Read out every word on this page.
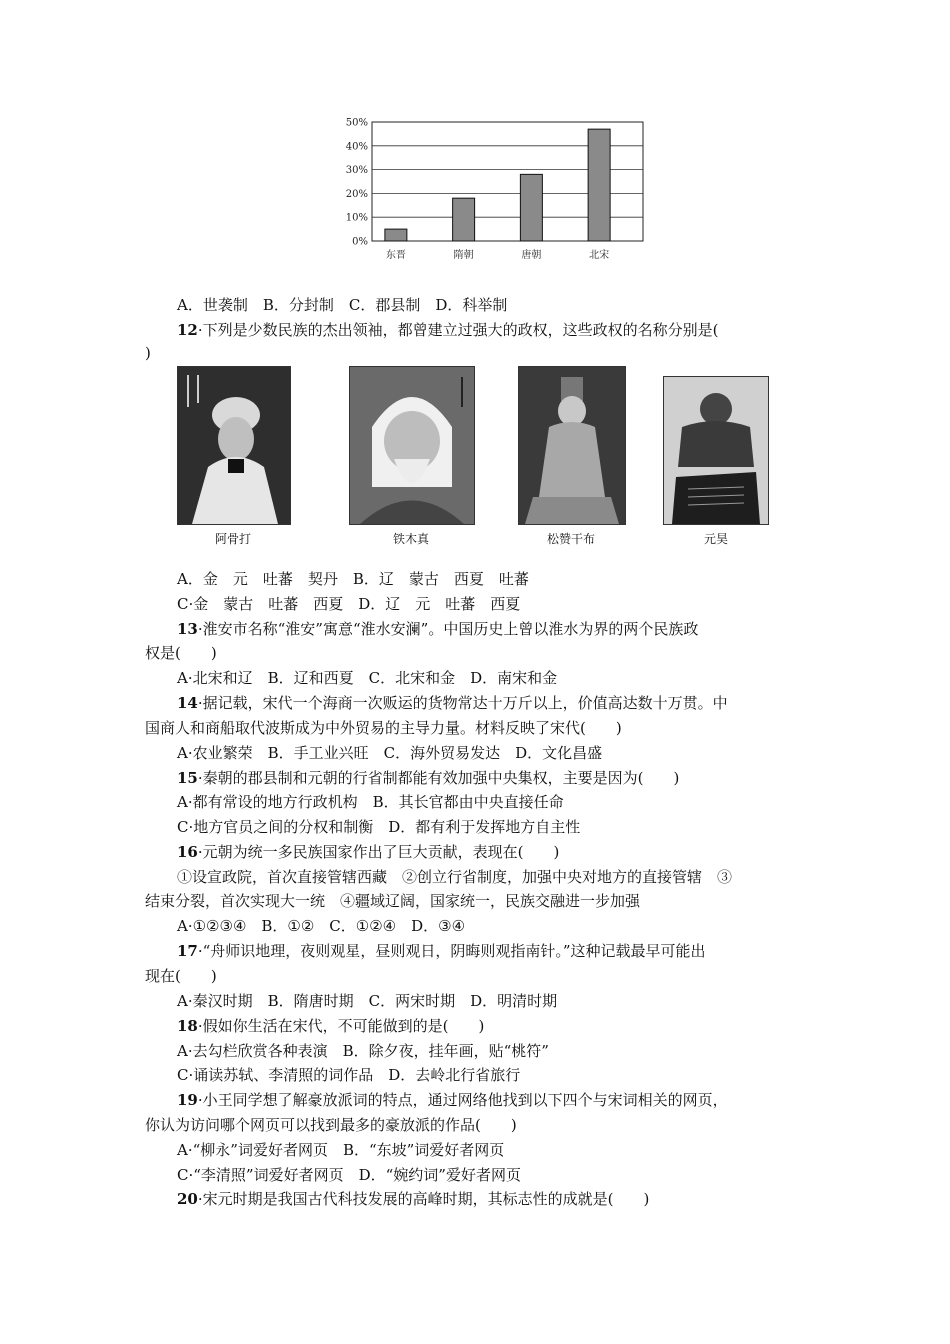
50%
40%
30%
20%
10%
0%
东晋	隋朝	唐朝	北宋
A．世袭制　B．分封制　C．郡县制　D．科举制
12·下列是少数民族的杰出领袖，都曾建立过强大的政权，这些政权的名称分别是(
)
阿骨打	铁木真	松赞干布	元昊
A．金　元　吐蕃　契丹　B．辽　蒙古　西夏　吐蕃
C·金　蒙古　吐蕃　西夏　D．辽　元　吐蕃　西夏
13·淮安市名称“淮安”寓意“淮水安澜”。中国历史上曾以淮水为界的两个民族政
权是(　　)
A·北宋和辽　B．辽和西夏　C．北宋和金　D．南宋和金
14·据记载，宋代一个海商一次贩运的货物常达十万斤以上，价值高达数十万贯。中
国商人和商船取代波斯成为中外贸易的主导力量。材料反映了宋代(　　)
A·农业繁荣　B．手工业兴旺　C．海外贸易发达　D．文化昌盛
15·秦朝的郡县制和元朝的行省制都能有效加强中央集权，主要是因为(　　)
A·都有常设的地方行政机构　B．其长官都由中央直接任命
C·地方官员之间的分权和制衡　D．都有利于发挥地方自主性
16·元朝为统一多民族国家作出了巨大贡献，表现在(　　)
①设宣政院，首次直接管辖西藏　②创立行省制度，加强中央对地方的直接管辖　③
结束分裂，首次实现大一统　④疆域辽阔，国家统一，民族交融进一步加强
A·①②③④　B．①②　C．①②④　D．③④
17·“舟师识地理，夜则观星，昼则观日，阴晦则观指南针。”这种记载最早可能出
现在(　　)
A·秦汉时期　B．隋唐时期　C．两宋时期　D．明清时期
18·假如你生活在宋代，不可能做到的是(　　)
A·去勾栏欣赏各种表演　B．除夕夜，挂年画，贴“桃符”
C·诵读苏轼、李清照的词作品　D．去岭北行省旅行
19·小王同学想了解豪放派词的特点，通过网络他找到以下四个与宋词相关的网页，
你认为访问哪个网页可以找到最多的豪放派的作品(　　)
A·“柳永”词爱好者网页　B．“东坡”词爱好者网页
C·“李清照”词爱好者网页　D．“婉约词”爱好者网页
20·宋元时期是我国古代科技发展的高峰时期，其标志性的成就是(　　)
